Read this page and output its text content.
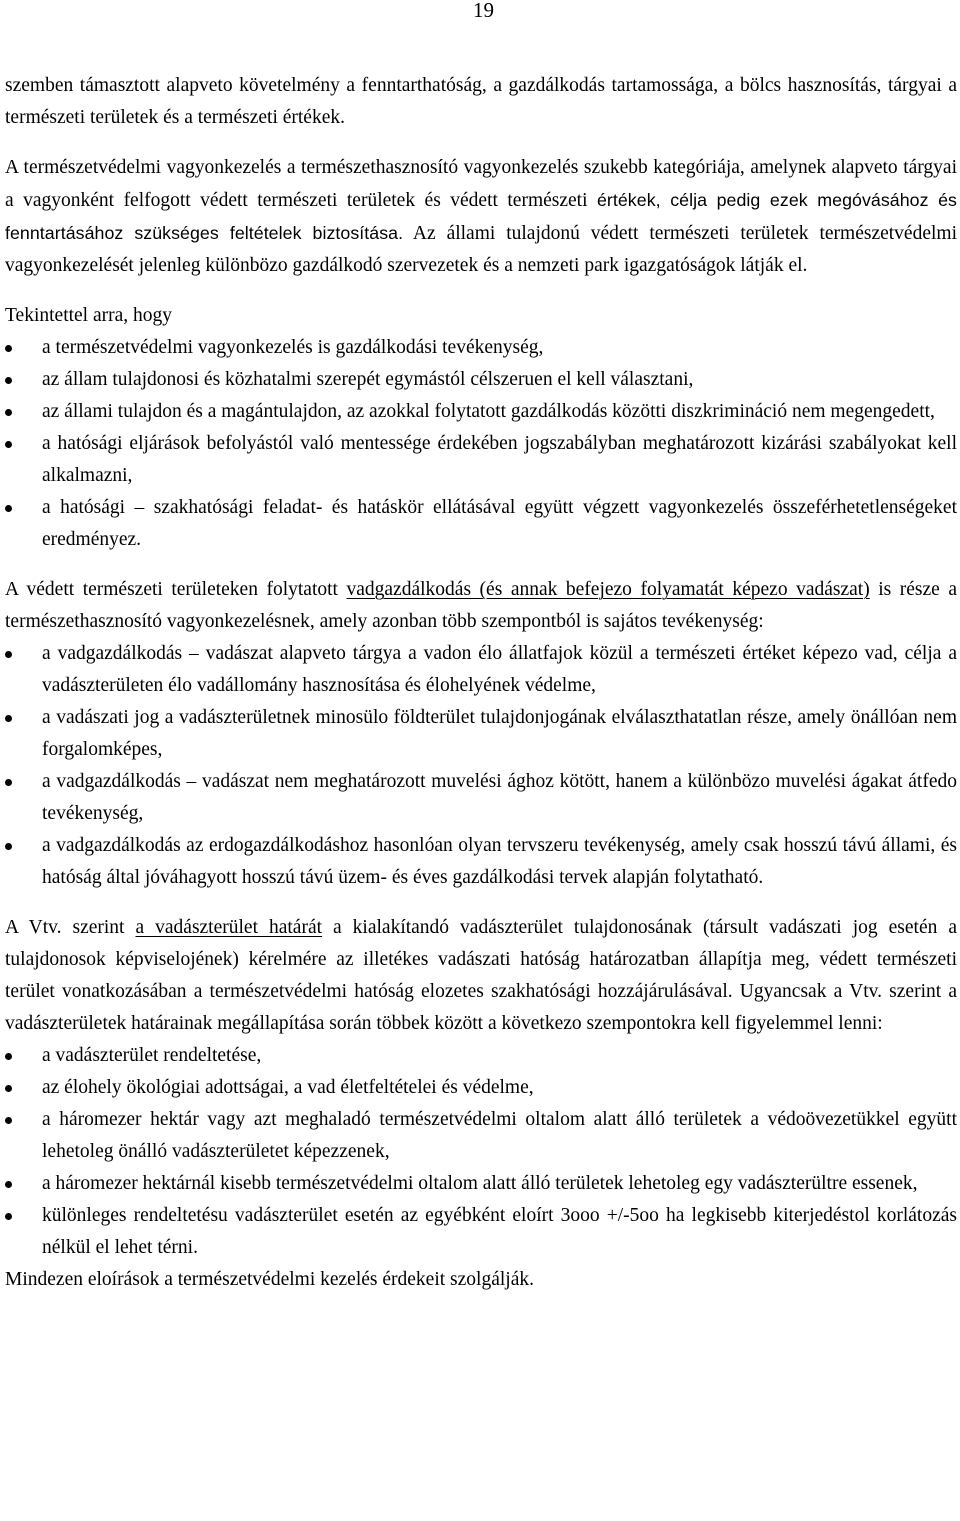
19

szemben támasztott alapveto követelmény a fenntarthatóság, a gazdálkodás tartamossága, a bölcs hasznosítás, tárgyai a természeti területek és a természeti értékek.

A természetvédelmi vagyonkezelés a természethasznosító vagyonkezelés szukebb kategóriája, amelynek alapveto tárgyai a vagyonként felfogott védett természeti területek és védett természeti értékek, célja pedig ezek megóvásához és fenntartásához szükséges feltételek biztosítása. Az állami tulajdonú védett természeti területek természetvédelmi vagyonkezelését jelenleg különbözo gazdálkodó szervezetek és a nemzeti park igazgatóságok látják el.

Tekintettel arra, hogy

a természetvédelmi vagyonkezelés is gazdálkodási tevékenység,
az állam tulajdonosi és közhatalmi szerepét egymástól célszeruen el kell választani,
az állami tulajdon és a magántulajdon, az azokkal folytatott gazdálkodás közötti diszkrimináció nem megengedett,
a hatósági eljárások befolyástól való mentessége érdekében jogszabályban meghatározott kizárási szabályokat kell alkalmazni,
a hatósági – szakhatósági feladat- és hatáskör ellátásával együtt végzett vagyonkezelés összeférhetetlenségeket eredményez.

A védett természeti területeken folytatott vadgazdálkodás (és annak befejezo folyamatát képezo vadászat) is része a természethasznosító vagyonkezelésnek, amely azonban több szempontból is sajátos tevékenység:

a vadgazdálkodás – vadászat alapveto tárgya a vadon élo állatfajok közül a természeti értéket képezo vad, célja a vadászterületen élo vadállomány hasznosítása és élohelyének védelme,
a vadászati jog a vadászterületnek minosülo földterület tulajdonjogának elválaszthatatlan része, amely önállóan nem forgalomképes,
a vadgazdálkodás – vadászat nem meghatározott muvelési ághoz kötött, hanem a különbözo muvelési ágakat átfedo tevékenység,
a vadgazdálkodás az erdogazdálkodáshoz hasonlóan olyan tervszeru tevékenység, amely csak hosszú távú állami, és hatóság által jóváhagyott hosszú távú üzem- és éves gazdálkodási tervek alapján folytatható.

A Vtv. szerint a vadászterület határát a kialakítandó vadászterület tulajdonosának (társult vadászati jog esetén a tulajdonosok képviselojének) kérelmére az illetékes vadászati hatóság határozatban állapítja meg, védett természeti terület vonatkozásában a természetvédelmi hatóság elozetes szakhatósági hozzájárulásával. Ugyancsak a Vtv. szerint a vadászterületek határainak megállapítása során többek között a következo szempontokra kell figyelemmel lenni:

a vadászterület rendeltetése,
az élohely ökológiai adottságai, a vad életfeltételei és védelme,
a háromezer hektár vagy azt meghaladó természetvédelmi oltalom alatt álló területek a védoövezetükkel együtt lehetoleg önálló vadászterületet képezzenek,
a háromezer hektárnál kisebb természetvédelmi oltalom alatt álló területek lehetoleg egy vadászterültre essenek,
különleges rendeltetésu vadászterület esetén az egyébként eloírt 3ooo +/-5oo ha legkisebb kiterjedéstol korlátozás nélkül el lehet térni.

Mindezen eloírások a természetvédelmi kezelés érdekeit szolgálják.
